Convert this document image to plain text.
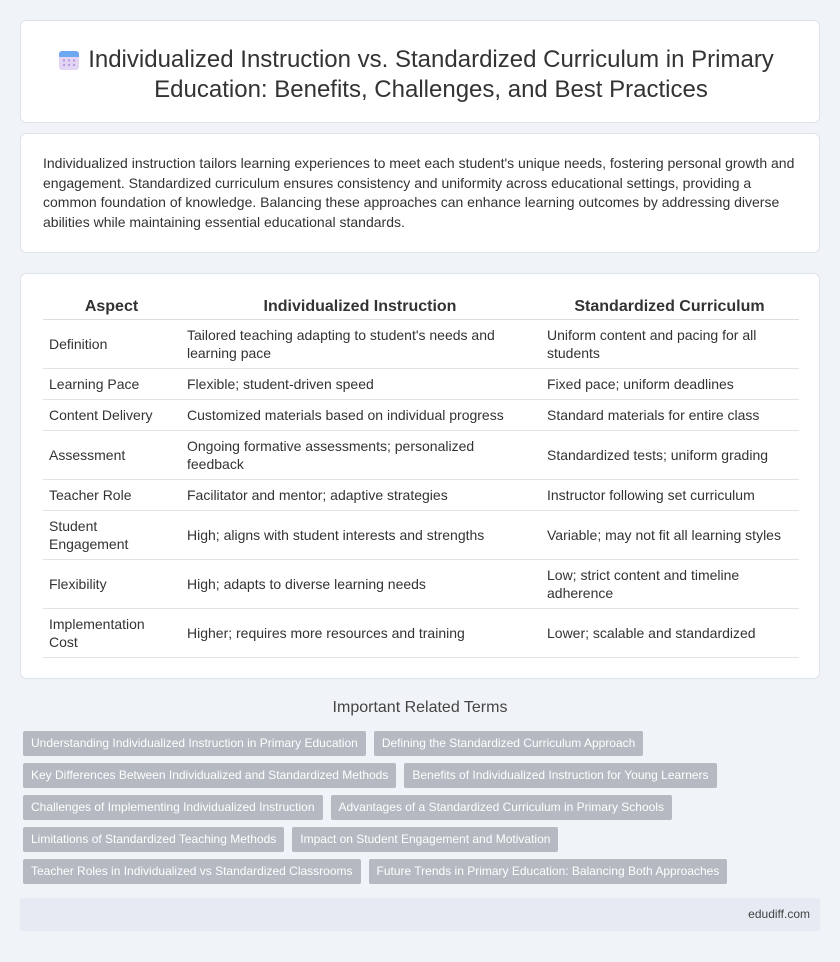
Individualized Instruction vs. Standardized Curriculum in Primary Education: Benefits, Challenges, and Best Practices

Individualized instruction tailors learning experiences to meet each student's unique needs, fostering personal growth and engagement. Standardized curriculum ensures consistency and uniformity across educational settings, providing a common foundation of knowledge. Balancing these approaches can enhance learning outcomes by addressing diverse abilities while maintaining essential educational standards.

Aspect	Individualized Instruction	Standardized Curriculum
Definition	Tailored teaching adapting to student's needs and learning pace	Uniform content and pacing for all students
Learning Pace	Flexible; student-driven speed	Fixed pace; uniform deadlines
Content Delivery	Customized materials based on individual progress	Standard materials for entire class
Assessment	Ongoing formative assessments; personalized feedback	Standardized tests; uniform grading
Teacher Role	Facilitator and mentor; adaptive strategies	Instructor following set curriculum
Student Engagement	High; aligns with student interests and strengths	Variable; may not fit all learning styles
Flexibility	High; adapts to diverse learning needs	Low; strict content and timeline adherence
Implementation Cost	Higher; requires more resources and training	Lower; scalable and standardized
Important Related Terms
Understanding Individualized Instruction in Primary Education	Defining the Standardized Curriculum Approach
Key Differences Between Individualized and Standardized Methods	Benefits of Individualized Instruction for Young Learners
Challenges of Implementing Individualized Instruction	Advantages of a Standardized Curriculum in Primary Schools
Limitations of Standardized Teaching Methods	Impact on Student Engagement and Motivation
Teacher Roles in Individualized vs Standardized Classrooms	Future Trends in Primary Education: Balancing Both Approaches
edudiff.com
